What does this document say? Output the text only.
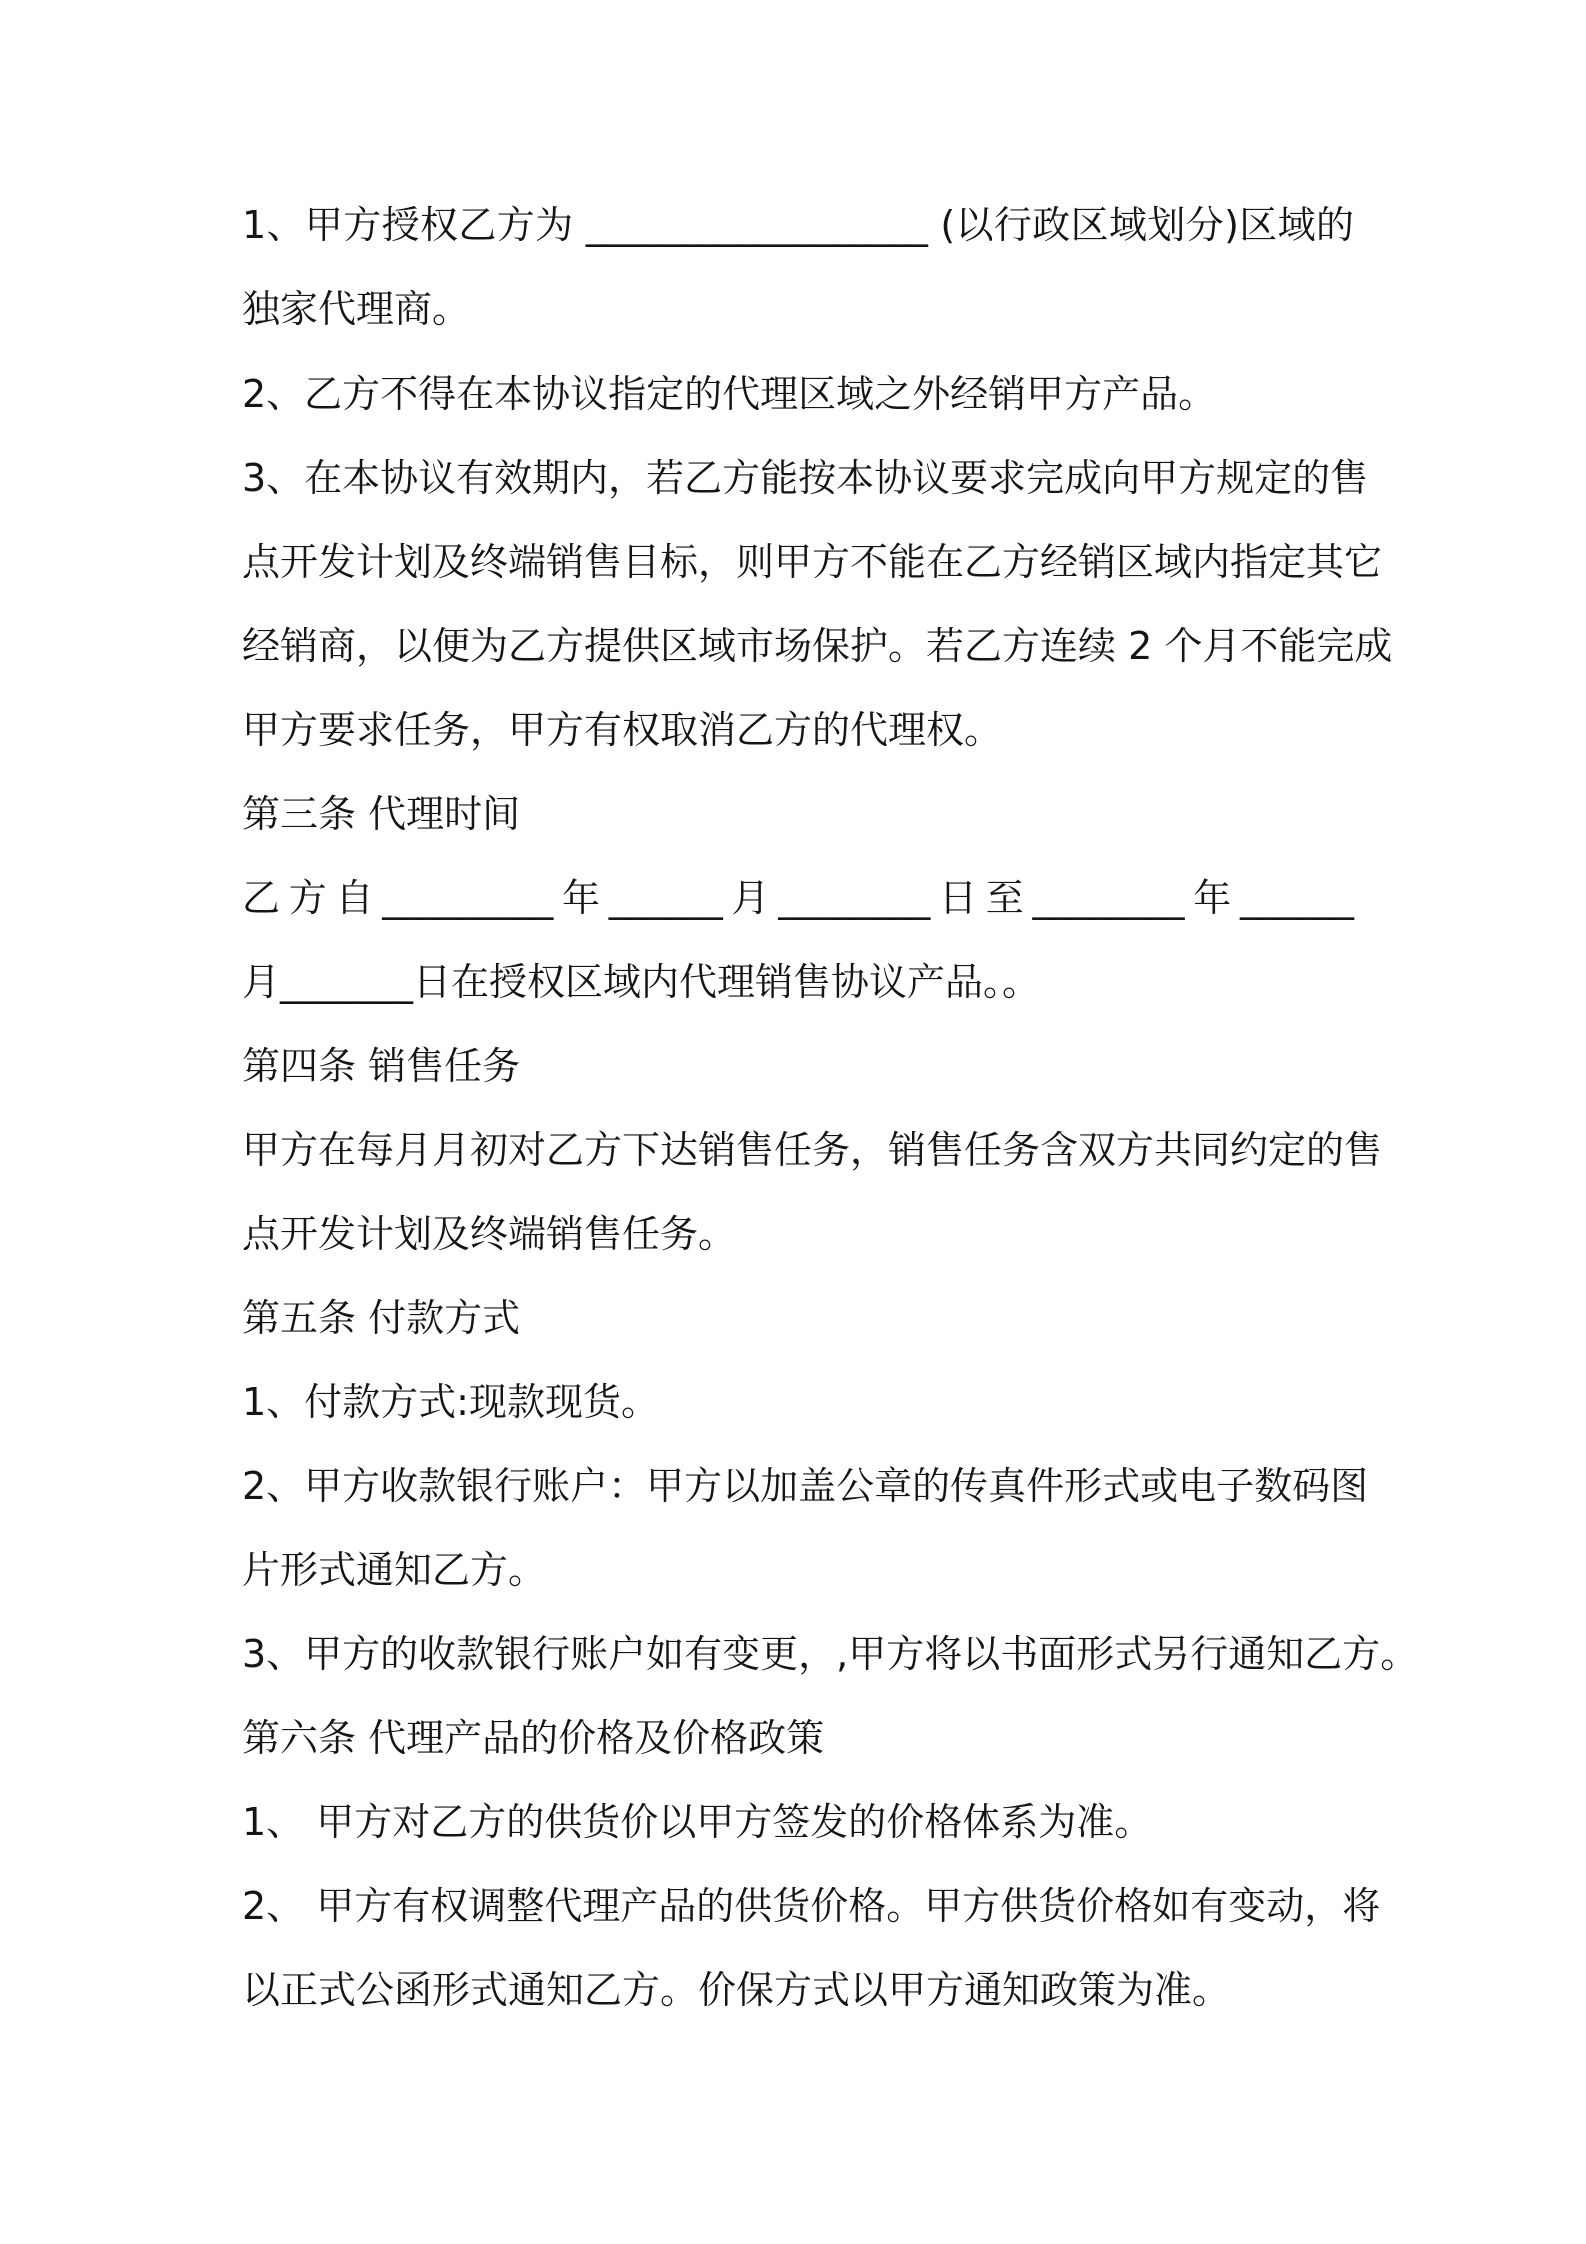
1、甲方授权乙方为 __________________ (以行政区域划分)区域的
独家代理商。
2、乙方不得在本协议指定的代理区域之外经销甲方产品。
3、在本协议有效期内，若乙方能按本协议要求完成向甲方规定的售
点开发计划及终端销售目标，则甲方不能在乙方经销区域内指定其它
经销商，以便为乙方提供区域市场保护。若乙方连续 2 个月不能完成
甲方要求任务，甲方有权取消乙方的代理权。
第三条 代理时间
乙方自_________年______月________日至________年______
月_______日在授权区域内代理销售协议产品。。
第四条 销售任务
甲方在每月月初对乙方下达销售任务，销售任务含双方共同约定的售
点开发计划及终端销售任务。
第五条 付款方式
1、付款方式:现款现货。
2、甲方收款银行账户：甲方以加盖公章的传真件形式或电子数码图
片形式通知乙方。
3、甲方的收款银行账户如有变更，,甲方将以书面形式另行通知乙方。
第六条 代理产品的价格及价格政策
1、 甲方对乙方的供货价以甲方签发的价格体系为准。
2、 甲方有权调整代理产品的供货价格。甲方供货价格如有变动，将
以正式公函形式通知乙方。价保方式以甲方通知政策为准。
